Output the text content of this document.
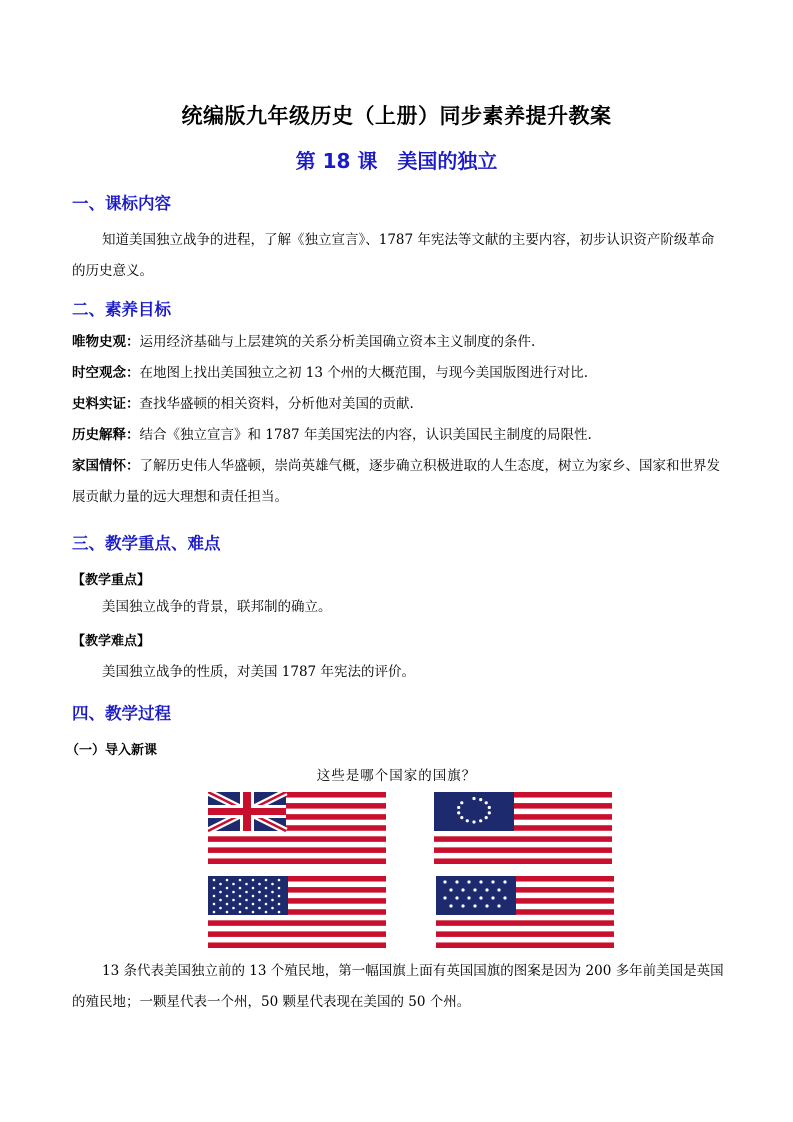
统编版九年级历史（上册）同步素养提升教案
第 18 课　美国的独立
一、课标内容
知道美国独立战争的进程，了解《独立宣言》、1787 年宪法等文献的主要内容，初步认识资产阶级革命的历史意义。
二、素养目标
唯物史观：运用经济基础与上层建筑的关系分析美国确立资本主义制度的条件.
时空观念：在地图上找出美国独立之初 13 个州的大概范围，与现今美国版图进行对比.
史料实证：查找华盛顿的相关资料，分析他对美国的贡献.
历史解释：结合《独立宣言》和 1787 年美国宪法的内容，认识美国民主制度的局限性.
家国情怀：了解历史伟人华盛顿，崇尚英雄气概，逐步确立积极进取的人生态度，树立为家乡、国家和世界发展贡献力量的远大理想和责任担当。
三、教学重点、难点
【教学重点】
美国独立战争的背景，联邦制的确立。
【教学难点】
美国独立战争的性质，对美国 1787 年宪法的评价。
四、教学过程
（一）导入新课
这些是哪个国家的国旗？
13 条代表美国独立前的 13 个殖民地，第一幅国旗上面有英国国旗的图案是因为 200 多年前美国是英国的殖民地；一颗星代表一个州，50 颗星代表现在美国的 50 个州。
